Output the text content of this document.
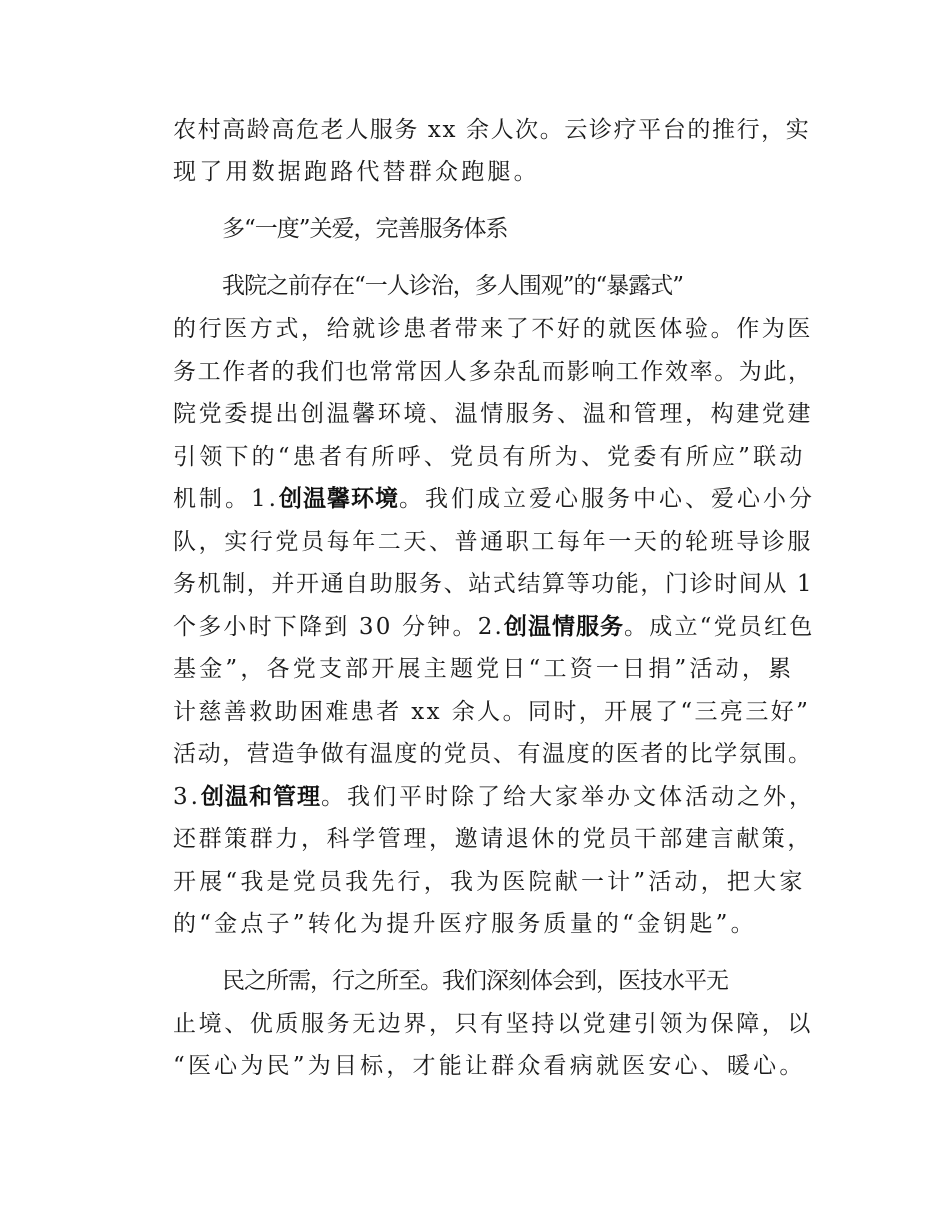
农村高龄高危老人服务 xx 余人次。云诊疗平台的推行，实
现了用数据跑路代替群众跑腿。
多“一度”关爱，完善服务体系
我院之前存在“一人诊治，多人围观”的“暴露式”
的行医方式，给就诊患者带来了不好的就医体验。作为医
务工作者的我们也常常因人多杂乱而影响工作效率。为此，
院党委提出创温馨环境、温情服务、温和管理，构建党建
引领下的“患者有所呼、党员有所为、党委有所应”联动
机制。1.创温馨环境。我们成立爱心服务中心、爱心小分
队，实行党员每年二天、普通职工每年一天的轮班导诊服
务机制，并开通自助服务、站式结算等功能，门诊时间从 1
个多小时下降到 30 分钟。2.创温情服务。成立“党员红色
基金”，各党支部开展主题党日“工资一日捐”活动，累
计慈善救助困难患者 xx 余人。同时，开展了“三亮三好”
活动，营造争做有温度的党员、有温度的医者的比学氛围。
3.创温和管理。我们平时除了给大家举办文体活动之外，
还群策群力，科学管理，邀请退休的党员干部建言献策，
开展“我是党员我先行，我为医院献一计”活动，把大家
的“金点子”转化为提升医疗服务质量的“金钥匙”。
民之所需，行之所至。我们深刻体会到，医技水平无
止境、优质服务无边界，只有坚持以党建引领为保障，以
“医心为民”为目标，才能让群众看病就医安心、暖心。
